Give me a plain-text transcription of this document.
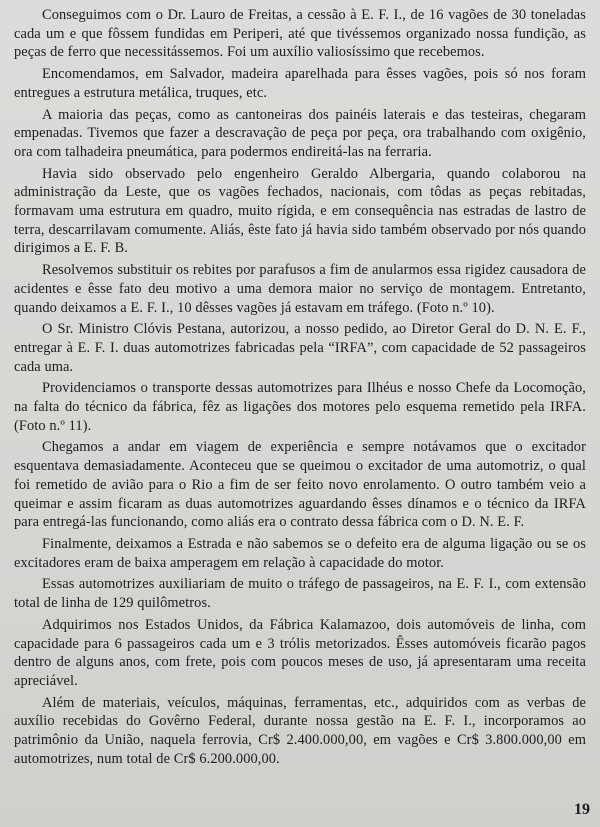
Conseguimos com o Dr. Lauro de Freitas, a cessão à E. F. I., de 16 vagões de 30 toneladas cada um e que fôssem fundidas em Periperi, até que tivéssemos organizado nossa fundição, as peças de ferro que necessitássemos. Foi um auxílio valiosíssimo que recebemos.

Encomendamos, em Salvador, madeira aparelhada para êsses vagões, pois só nos foram entregues a estrutura metálica, truques, etc.

A maioria das peças, como as cantoneiras dos painéis laterais e das testeiras, chegaram empenadas. Tivemos que fazer a descravação de peça por peça, ora trabalhando com oxigênio, ora com talhadeira pneumática, para podermos endireitá-las na ferraria.

Havia sido observado pelo engenheiro Geraldo Albergaria, quando colaborou na administração da Leste, que os vagões fechados, nacionais, com tôdas as peças rebitadas, formavam uma estrutura em quadro, muito rígida, e em consequência nas estradas de lastro de terra, descarrilavam comumente. Aliás, êste fato já havia sido também observado por nós quando dirigimos a E. F. B.

Resolvemos substituir os rebites por parafusos a fim de anularmos essa rigidez causadora de acidentes e êsse fato deu motivo a uma demora maior no serviço de montagem. Entretanto, quando deixamos a E. F. I., 10 dêsses vagões já estavam em tráfego. (Foto n.º 10).

O Sr. Ministro Clóvis Pestana, autorizou, a nosso pedido, ao Diretor Geral do D. N. E. F., entregar à E. F. I. duas automotrizes fabricadas pela “IRFA”, com capacidade de 52 passageiros cada uma.

Providenciamos o transporte dessas automotrizes para Ilhéus e nosso Chefe da Locomoção, na falta do técnico da fábrica, fêz as ligações dos motores pelo esquema remetido pela IRFA. (Foto n.º 11).

Chegamos a andar em viagem de experiência e sempre notávamos que o excitador esquentava demasiadamente. Aconteceu que se queimou o excitador de uma automotriz, o qual foi remetido de avião para o Rio a fim de ser feito novo enrolamento. O outro também veio a queimar e assim ficaram as duas automotrizes aguardando êsses dínamos e o técnico da IRFA para entregá-las funcionando, como aliás era o contrato dessa fábrica com o D. N. E. F.

Finalmente, deixamos a Estrada e não sabemos se o defeito era de alguma ligação ou se os excitadores eram de baixa amperagem em relação à capacidade do motor.

Essas automotrizes auxiliariam de muito o tráfego de passageiros, na E. F. I., com extensão total de linha de 129 quilômetros.

Adquirimos nos Estados Unidos, da Fábrica Kalamazoo, dois automóveis de linha, com capacidade para 6 passageiros cada um e 3 trólis metorizados. Êsses automóveis ficarão pagos dentro de alguns anos, com frete, pois com poucos meses de uso, já apresentaram uma receita apreciável.

Além de materiais, veículos, máquinas, ferramentas, etc., adquiridos com as verbas de auxílio recebidas do Govêrno Federal, durante nossa gestão na E. F. I., incorporamos ao patrimônio da União, naquela ferrovia, Cr$ 2.400.000,00, em vagões e Cr$ 3.800.000,00 em automotrizes, num total de Cr$ 6.200.000,00.

19
